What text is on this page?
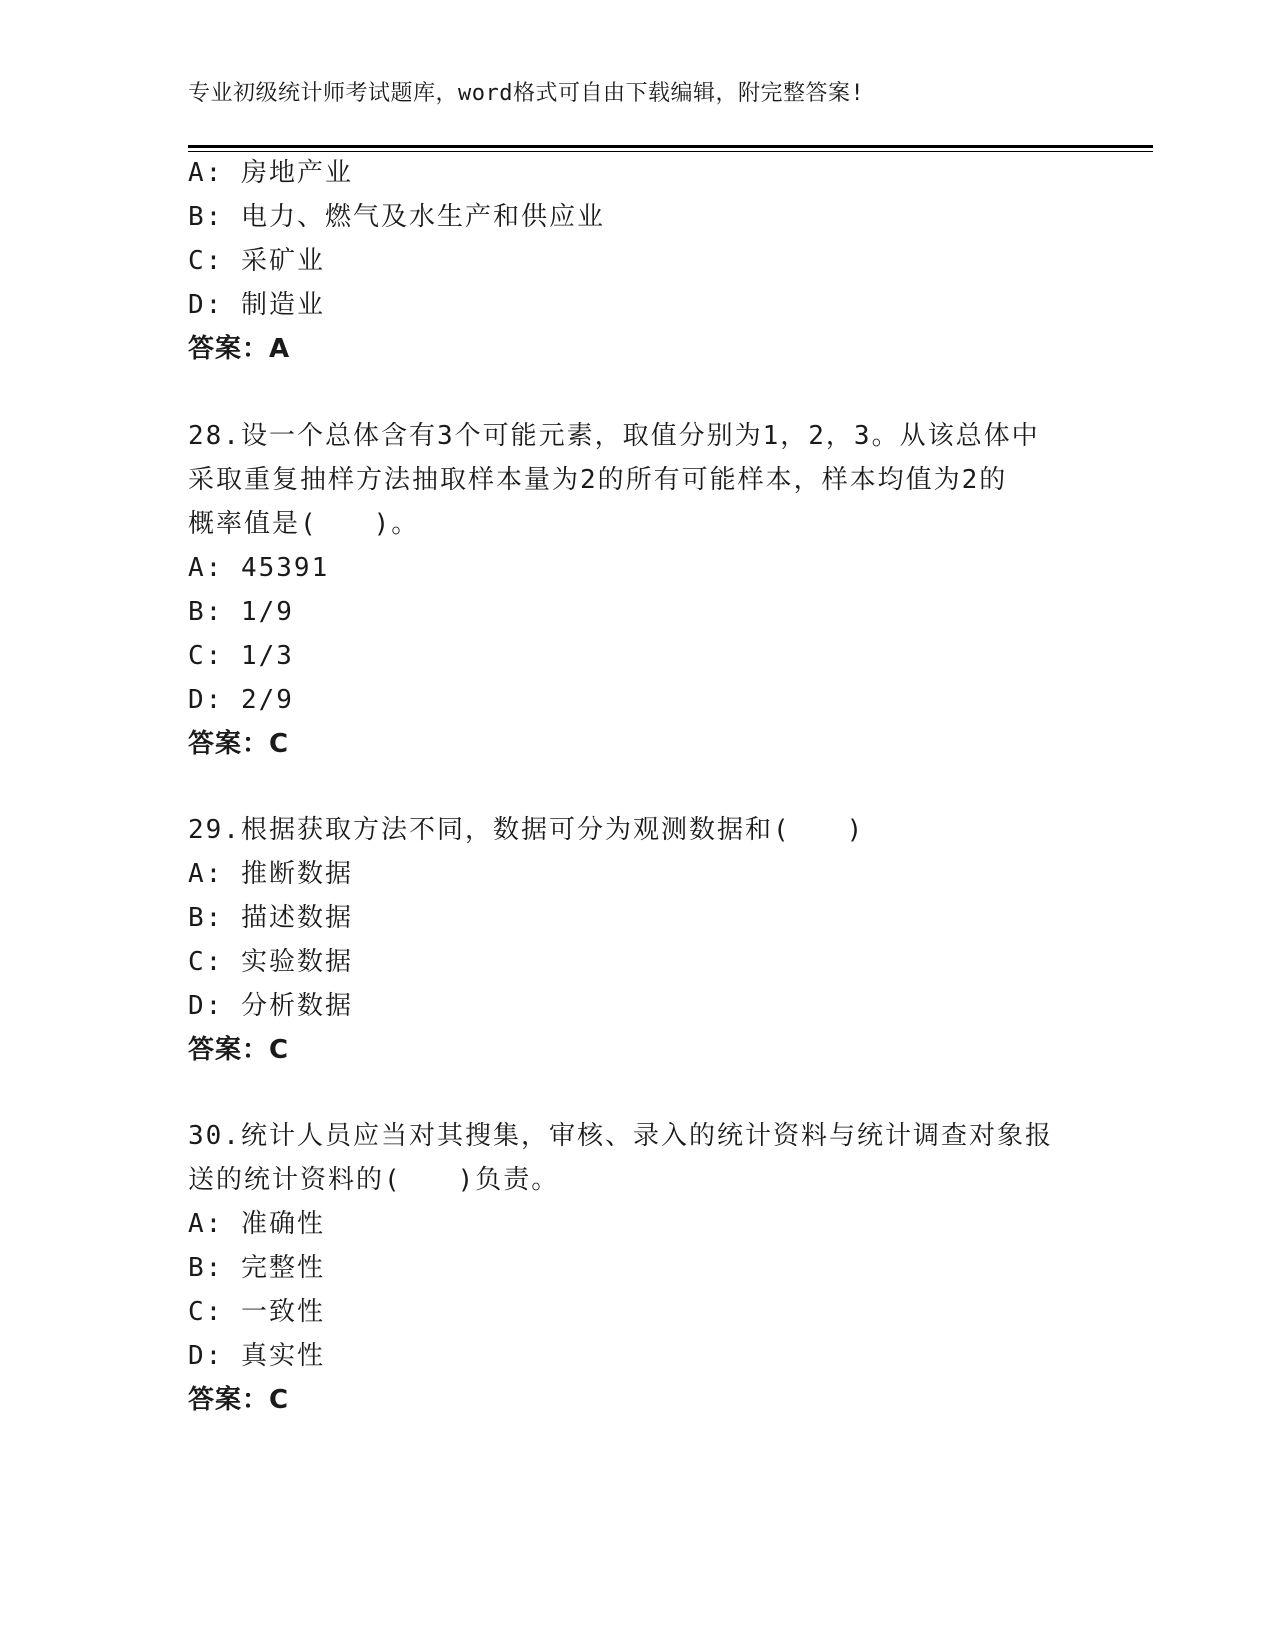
专业初级统计师考试题库，word格式可自由下载编辑，附完整答案!
A: 房地产业
B: 电力、燃气及水生产和供应业
C: 采矿业
D: 制造业
答案：A
28.设一个总体含有3个可能元素，取值分别为1，2，3。从该总体中
采取重复抽样方法抽取样本量为2的所有可能样本，样本均值为2的
概率值是(　　)。
A: 45391
B: 1/9
C: 1/3
D: 2/9
答案：C
29.根据获取方法不同，数据可分为观测数据和(　　)
A: 推断数据
B: 描述数据
C: 实验数据
D: 分析数据
答案：C
30.统计人员应当对其搜集，审核、录入的统计资料与统计调查对象报
送的统计资料的(　　)负责。
A: 准确性
B: 完整性
C: 一致性
D: 真实性
答案：C
